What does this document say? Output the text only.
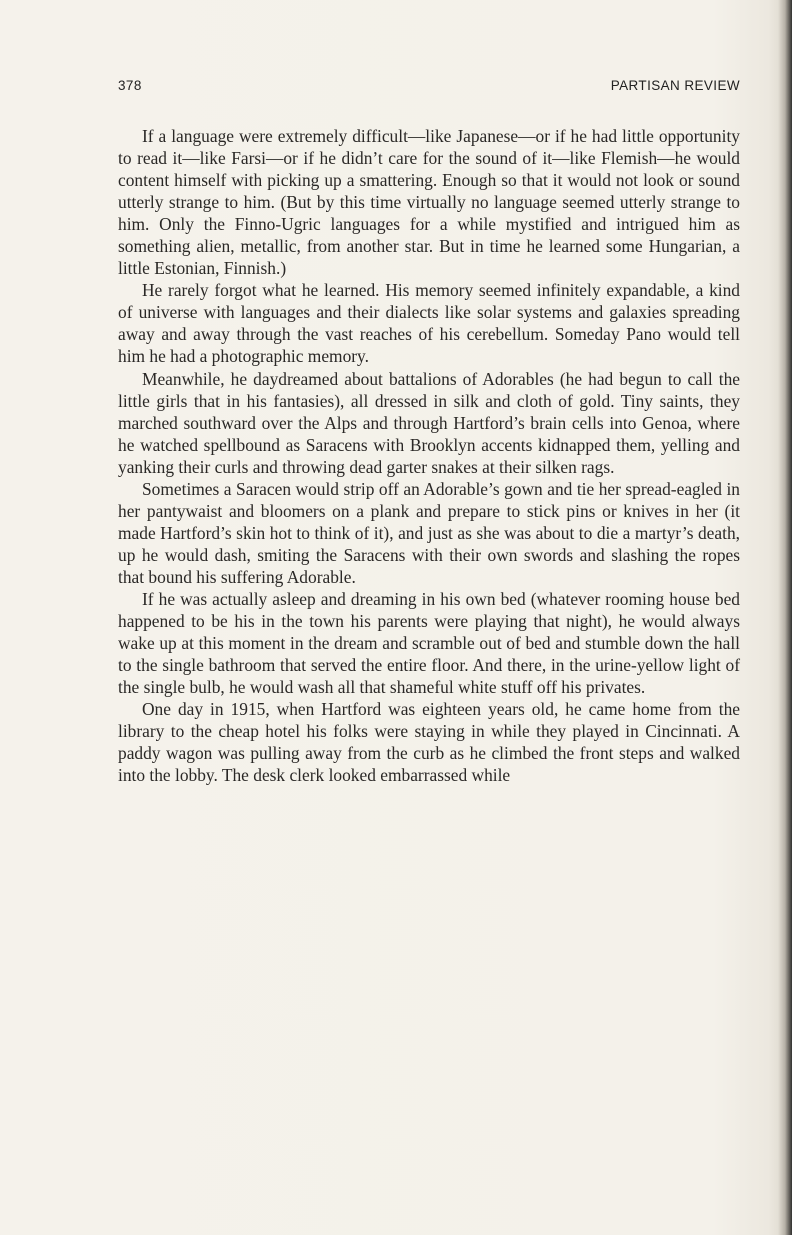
378	PARTISAN REVIEW

If a language were extremely difficult—like Japanese—or if he had little opportunity to read it—like Farsi—or if he didn’t care for the sound of it—like Flemish—he would content himself with picking up a smattering. Enough so that it would not look or sound utterly strange to him. (But by this time virtually no language seemed utterly strange to him. Only the Finno-Ugric languages for a while mystified and intrigued him as something alien, metallic, from another star. But in time he learned some Hungarian, a little Estonian, Finnish.)

He rarely forgot what he learned. His memory seemed infinitely expandable, a kind of universe with languages and their dialects like solar systems and galaxies spreading away and away through the vast reaches of his cerebellum. Someday Pano would tell him he had a photographic memory.

Meanwhile, he daydreamed about battalions of Adorables (he had begun to call the little girls that in his fantasies), all dressed in silk and cloth of gold. Tiny saints, they marched southward over the Alps and through Hartford’s brain cells into Genoa, where he watched spellbound as Saracens with Brooklyn accents kidnapped them, yelling and yanking their curls and throwing dead garter snakes at their silken rags.

Sometimes a Saracen would strip off an Adorable’s gown and tie her spread-eagled in her pantywaist and bloomers on a plank and prepare to stick pins or knives in her (it made Hartford’s skin hot to think of it), and just as she was about to die a martyr’s death, up he would dash, smiting the Saracens with their own swords and slashing the ropes that bound his suffering Adorable.

If he was actually asleep and dreaming in his own bed (whatever rooming house bed happened to be his in the town his parents were playing that night), he would always wake up at this moment in the dream and scramble out of bed and stumble down the hall to the single bathroom that served the entire floor. And there, in the urine-yellow light of the single bulb, he would wash all that shameful white stuff off his privates.

One day in 1915, when Hartford was eighteen years old, he came home from the library to the cheap hotel his folks were staying in while they played in Cincinnati. A paddy wagon was pulling away from the curb as he climbed the front steps and walked into the lobby. The desk clerk looked embarrassed while
